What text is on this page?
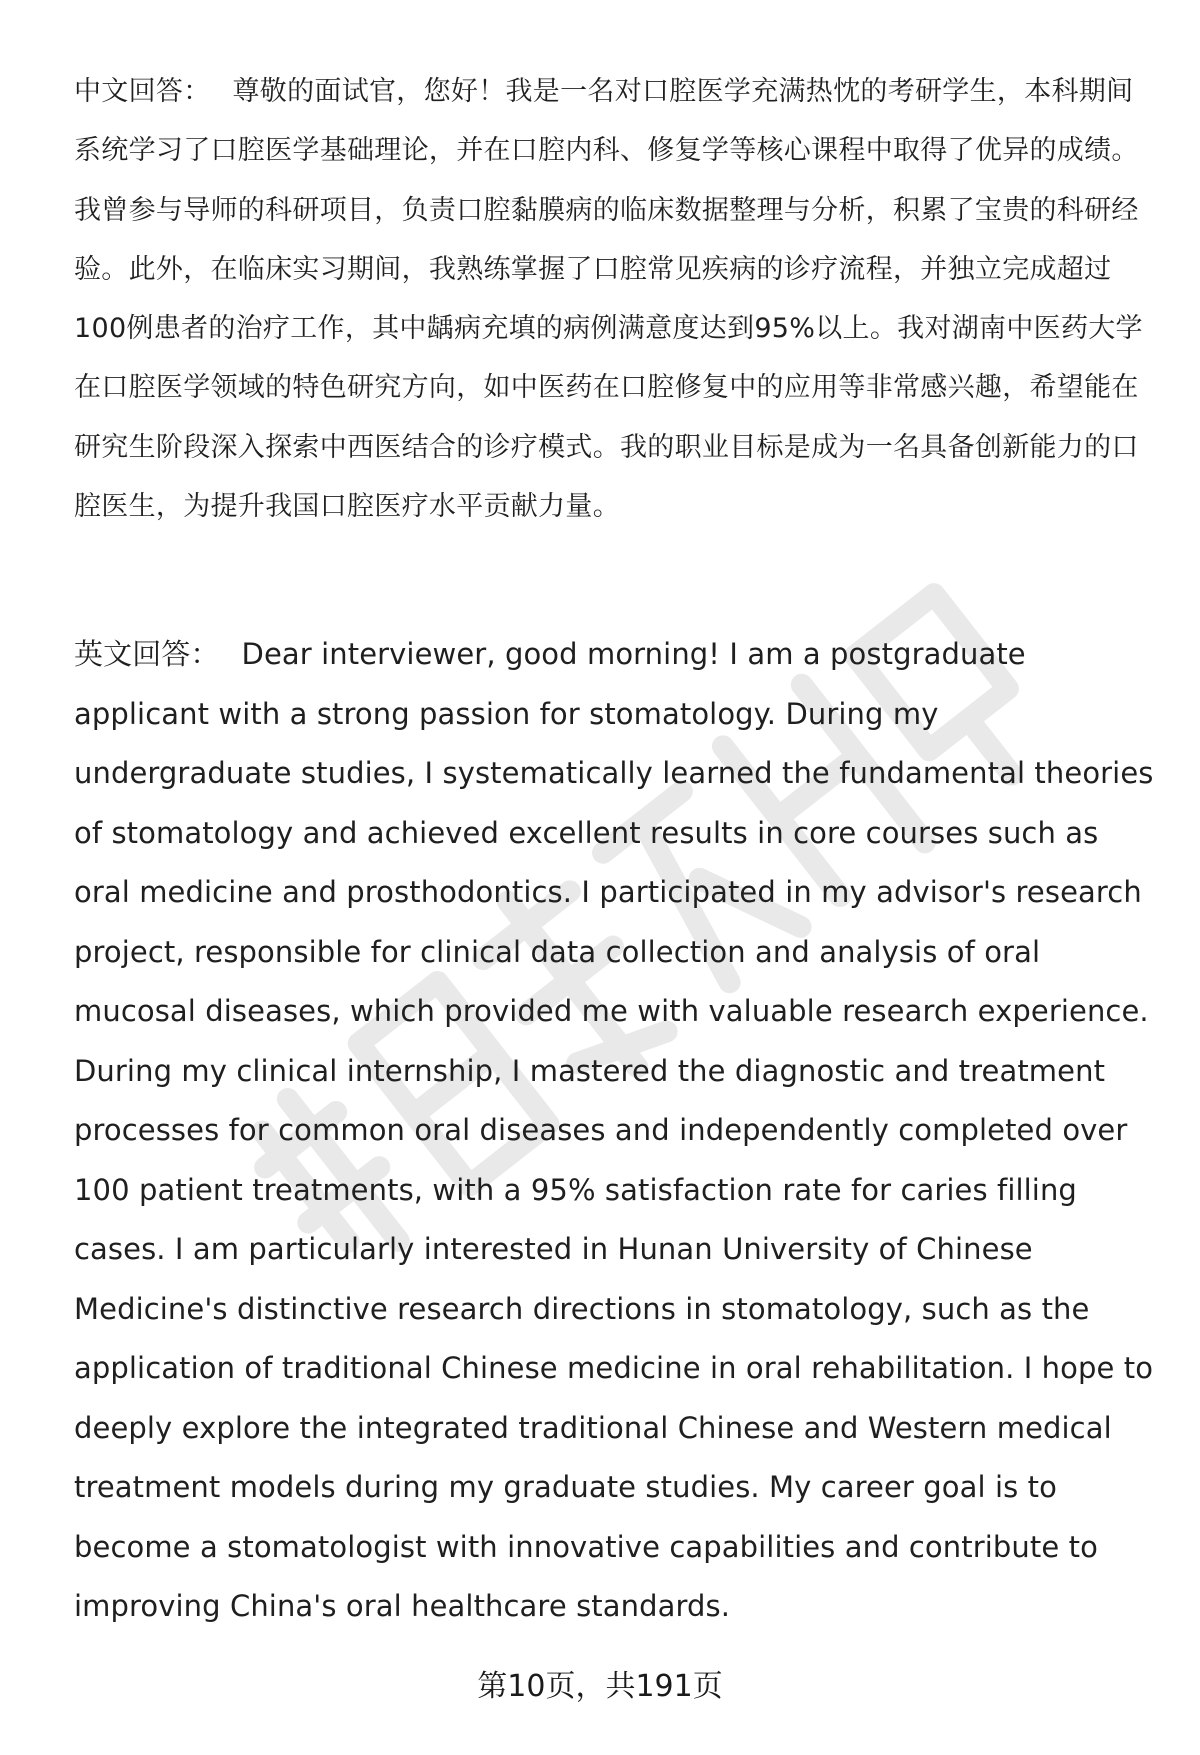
中文回答： 尊敬的面试官，您好！我是一名对口腔医学充满热忱的考研学生，本科期间系统学习了口腔医学基础理论，并在口腔内科、修复学等核心课程中取得了优异的成绩。我曾参与导师的科研项目，负责口腔黏膜病的临床数据整理与分析，积累了宝贵的科研经验。此外，在临床实习期间，我熟练掌握了口腔常见疾病的诊疗流程，并独立完成超过100例患者的治疗工作，其中龋病充填的病例满意度达到95%以上。我对湖南中医药大学在口腔医学领域的特色研究方向，如中医药在口腔修复中的应用等非常感兴趣，希望能在研究生阶段深入探索中西医结合的诊疗模式。我的职业目标是成为一名具备创新能力的口腔医生，为提升我国口腔医疗水平贡献力量。

英文回答： Dear interviewer, good morning! I am a postgraduate applicant with a strong passion for stomatology. During my undergraduate studies, I systematically learned the fundamental theories of stomatology and achieved excellent results in core courses such as oral medicine and prosthodontics. I participated in my advisor's research project, responsible for clinical data collection and analysis of oral mucosal diseases, which provided me with valuable research experience. During my clinical internship, I mastered the diagnostic and treatment processes for common oral diseases and independently completed over 100 patient treatments, with a 95% satisfaction rate for caries filling cases. I am particularly interested in Hunan University of Chinese Medicine's distinctive research directions in stomatology, such as the application of traditional Chinese medicine in oral rehabilitation. I hope to deeply explore the integrated traditional Chinese and Western medical treatment models during my graduate studies. My career goal is to become a stomatologist with innovative capabilities and contribute to improving China's oral healthcare standards.

第10页，共191页
